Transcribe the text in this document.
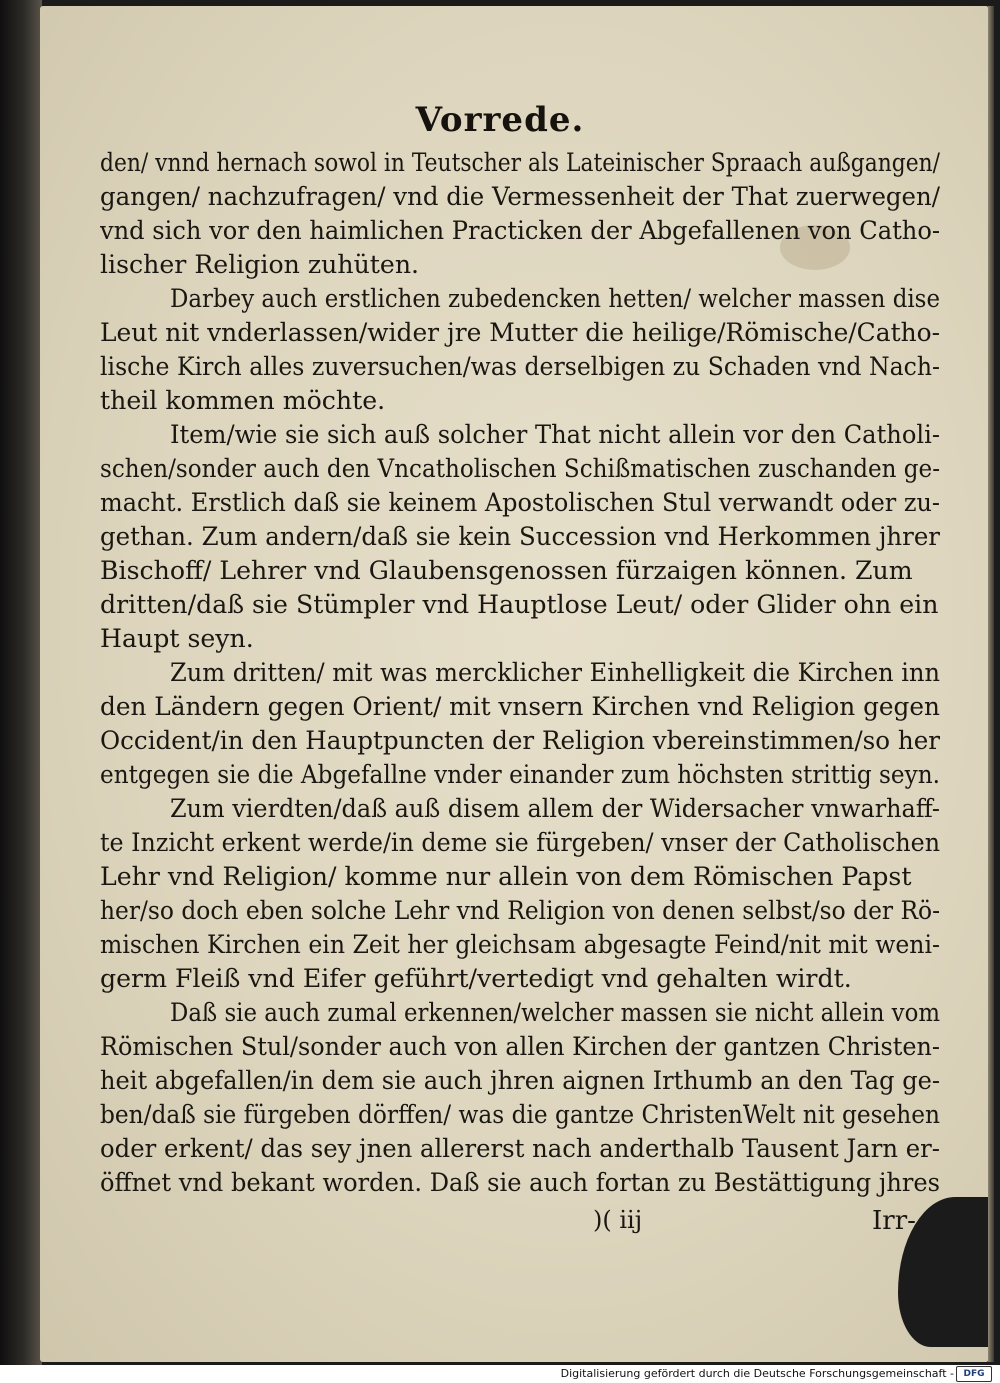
Vorrede.
den/ vnnd hernach sowol in Teutscher als Lateinischer Spraach außgangen/
gangen/ nachzufragen/ vnd die Vermessenheit der That zuerwegen/
vnd sich vor den haimlichen Practicken der Abgefallenen von Catho-
lischer Religion zuhüten.
Darbey auch erstlichen zubedencken hetten/ welcher massen dise
Leut nit vnderlassen/wider jre Mutter die heilige/Römische/Catho-
lische Kirch alles zuversuchen/was derselbigen zu Schaden vnd Nach-
theil kommen möchte.
Item/wie sie sich auß solcher That nicht allein vor den Catholi-
schen/sonder auch den Vncatholischen Schißmatischen zuschanden ge-
macht. Erstlich daß sie keinem Apostolischen Stul verwandt oder zu-
gethan. Zum andern/daß sie kein Succession vnd Herkommen jhrer
Bischoff/ Lehrer vnd Glaubensgenossen fürzaigen können. Zum
dritten/daß sie Stümpler vnd Hauptlose Leut/ oder Glider ohn ein
Haupt seyn.
Zum dritten/ mit was mercklicher Einhelligkeit die Kirchen inn
den Ländern gegen Orient/ mit vnsern Kirchen vnd Religion gegen
Occident/in den Hauptpuncten der Religion vbereinstimmen/so her
entgegen sie die Abgefallne vnder einander zum höchsten strittig seyn.
Zum vierdten/daß auß disem allem der Widersacher vnwarhaff-
te Inzicht erkent werde/in deme sie fürgeben/ vnser der Catholischen
Lehr vnd Religion/ komme nur allein von dem Römischen Papst
her/so doch eben solche Lehr vnd Religion von denen selbst/so der Rö-
mischen Kirchen ein Zeit her gleichsam abgesagte Feind/nit mit weni-
germ Fleiß vnd Eifer geführt/vertedigt vnd gehalten wirdt.
Daß sie auch zumal erkennen/welcher massen sie nicht allein vom
Römischen Stul/sonder auch von allen Kirchen der gantzen Christen-
heit abgefallen/in dem sie auch jhren aignen Irthumb an den Tag ge-
ben/daß sie fürgeben dörffen/ was die gantze ChristenWelt nit gesehen
oder erkent/ das sey jnen allererst nach anderthalb Tausent Jarn er-
öffnet vnd bekant worden. Daß sie auch fortan zu Bestättigung jhres
)( iij	Irr-
Digitalisierung gefördert durch die Deutsche Forschungsgemeinschaft -	DFG
